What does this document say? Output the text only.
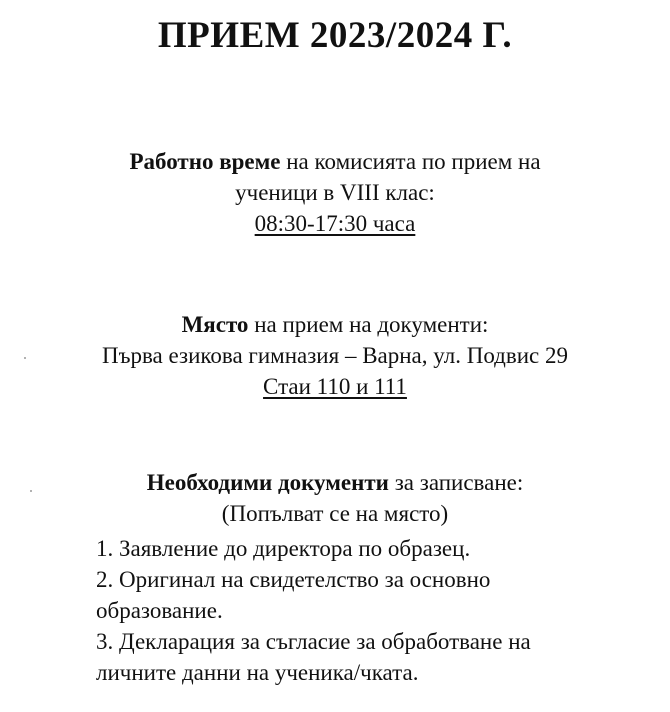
ПРИЕМ 2023/2024 Г.

Работно време на комисията по прием на

ученици в VIII клас:

08:30-17:30 часа

Място на прием на документи:

Първа езикова гимназия – Варна, ул. Подвис 29

Стаи 110 и 111

Необходими документи за записване:

(Попълват се на място)

1. Заявление до директора по образец.
2. Оригинал на свидетелство за основно образование.
3. Декларация за съгласие за обработване на личните данни на ученика/чката.
